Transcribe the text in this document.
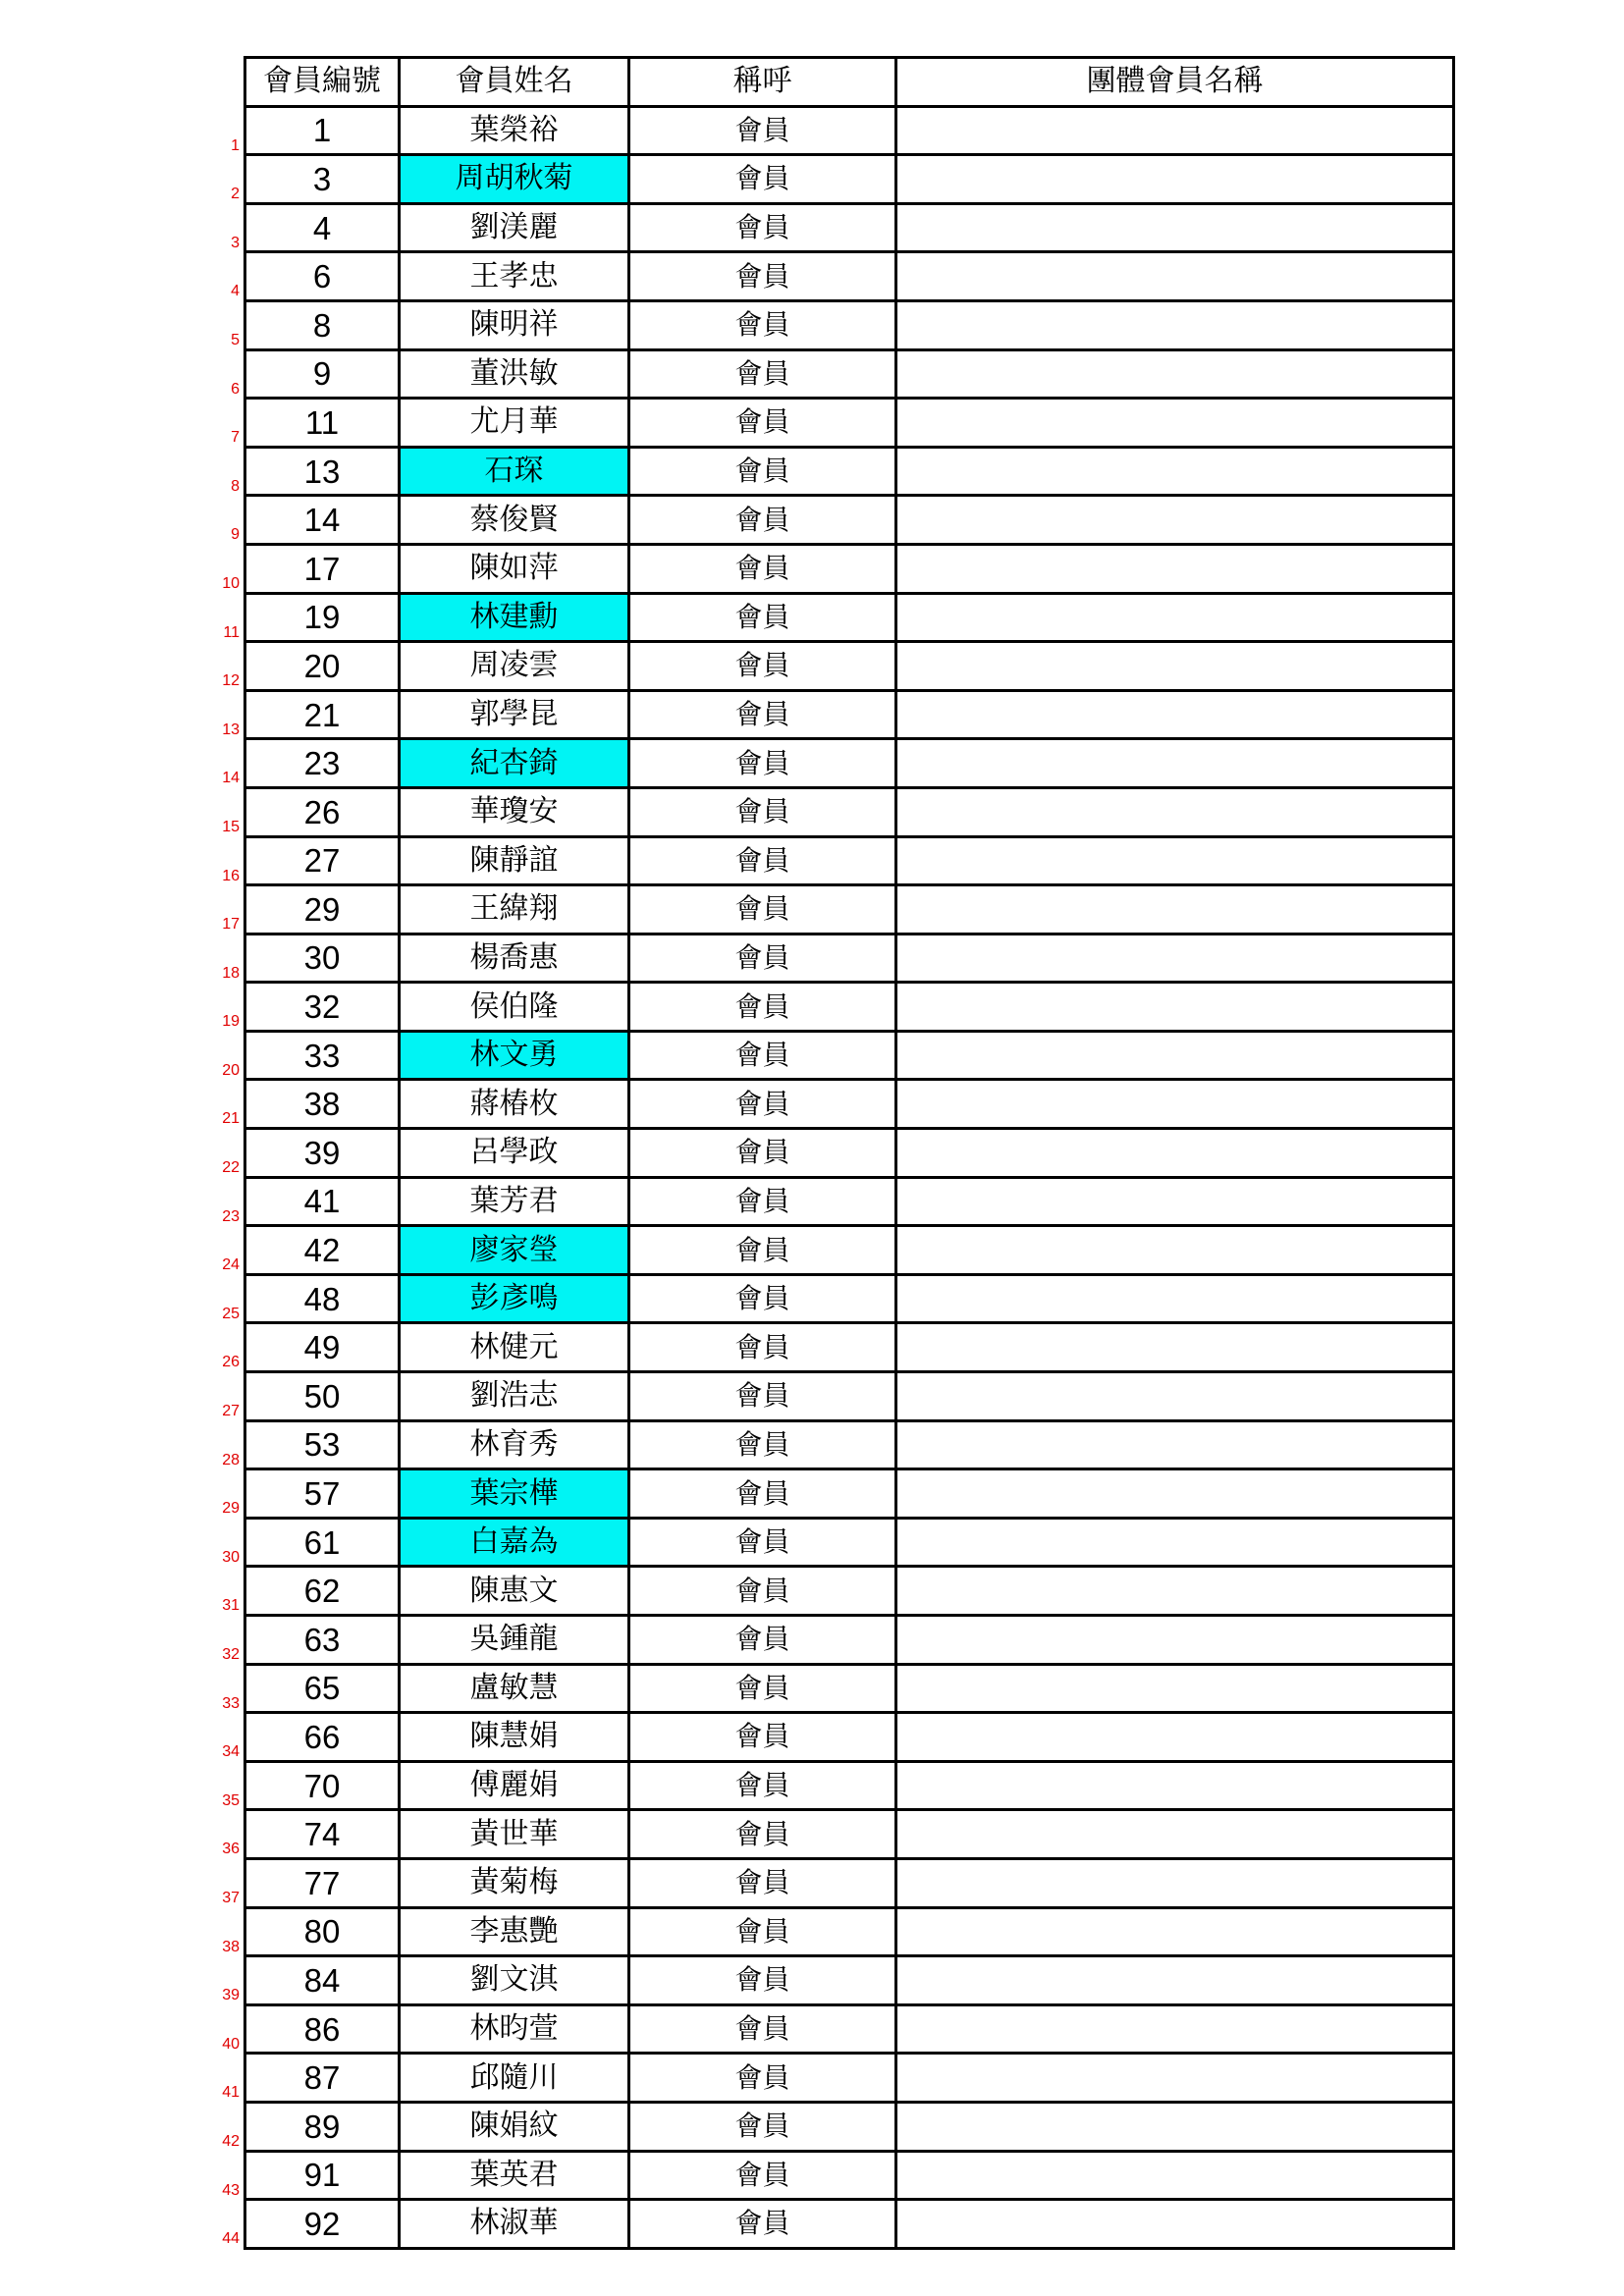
會員編號	會員姓名	稱呼	團體會員名稱
1	葉榮裕	會員
3	周胡秋菊	會員
4	劉渼麗	會員
6	王孝忠	會員
8	陳明祥	會員
9	董洪敏	會員
11	尤月華	會員
13	石琛	會員
14	蔡俊賢	會員
17	陳如萍	會員
19	林建勳	會員
20	周凌雲	會員
21	郭學昆	會員
23	紀杏錡	會員
26	華瓊安	會員
27	陳靜誼	會員
29	王緯翔	會員
30	楊喬惠	會員
32	侯伯隆	會員
33	林文勇	會員
38	蔣椿枚	會員
39	呂學政	會員
41	葉芳君	會員
42	廖家瑩	會員
48	彭彥鳴	會員
49	林健元	會員
50	劉浩志	會員
53	林育秀	會員
57	葉宗樺	會員
61	白嘉為	會員
62	陳惠文	會員
63	吳鍾龍	會員
65	盧敏慧	會員
66	陳慧娟	會員
70	傅麗娟	會員
74	黃世華	會員
77	黃菊梅	會員
80	李惠艷	會員
84	劉文淇	會員
86	林昀萱	會員
87	邱隨川	會員
89	陳娟紋	會員
91	葉英君	會員
92	林淑華	會員
1
2
3
4
5
6
7
8
9
10
11
12
13
14
15
16
17
18
19
20
21
22
23
24
25
26
27
28
29
30
31
32
33
34
35
36
37
38
39
40
41
42
43
44
